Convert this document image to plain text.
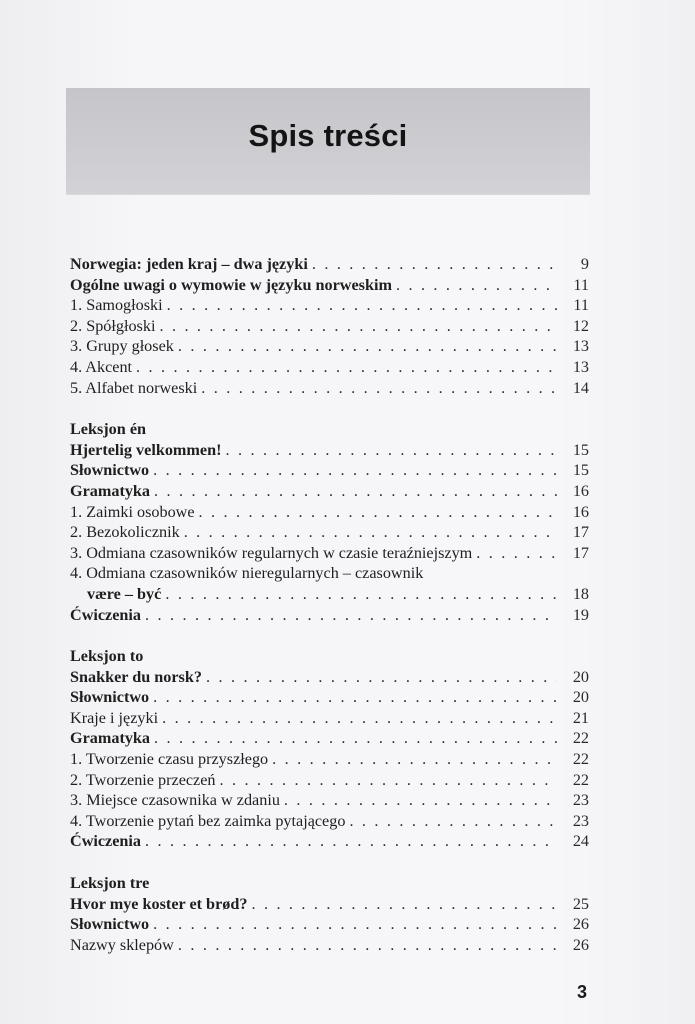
Spis treści
Norwegia: jeden kraj – dwa języki . . .	9
Ogólne uwagi o wymowie w języku norweskim . . .	11
1. Samogłoski . . .	11
2. Spółgłoski . . .	12
3. Grupy głosek . . .	13
4. Akcent . . .	13
5. Alfabet norweski . . .	14
Leksjon én
Hjertelig velkommen! . . .	15
Słownictwo . . .	15
Gramatyka . . .	16
1. Zaimki osobowe . . .	16
2. Bezokolicznik . . .	17
3. Odmiana czasowników regularnych w czasie teraźniejszym . . .	17
4. Odmiana czasowników nieregularnych – czasownik
være – być . . .	18
Ćwiczenia . . .	19
Leksjon to
Snakker du norsk? . . .	20
Słownictwo . . .	20
Kraje i języki . . .	21
Gramatyka . . .	22
1. Tworzenie czasu przyszłego . . .	22
2. Tworzenie przeczeń . . .	22
3. Miejsce czasownika w zdaniu . . .	23
4. Tworzenie pytań bez zaimka pytającego . . .	23
Ćwiczenia . . .	24
Leksjon tre
Hvor mye koster et brød? . . .	25
Słownictwo . . .	26
Nazwy sklepów . . .	26
3
